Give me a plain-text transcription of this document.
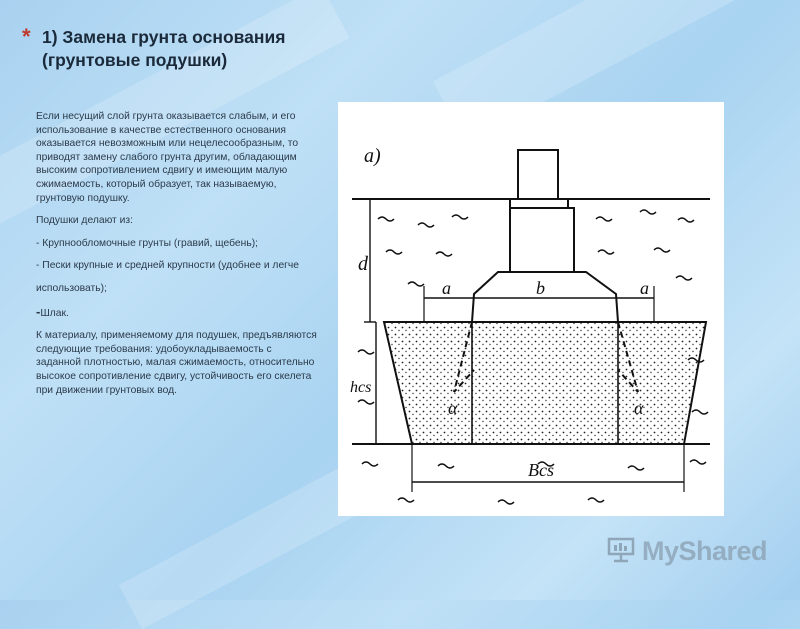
* 1) Замена грунта основания (грунтовые подушки)

Если несущий слой грунта оказывается слабым, и его использование в качестве естественного основания оказывается невозможным или нецелесообразным, то приводят замену слабого грунта другим, обладающим высоким сопротивлением сдвигу и имеющим малую сжимаемость, который образует, так называемую, грунтовую подушку.

Подушки делают из:

- Крупнообломочные грунты (гравий, щебень);

- Пески крупные и средней крупности (удобнее и легче

использовать);

-Шлак.

К материалу, применяемому для подушек, предъявляются следующие требования: удобоукладываемость с заданной плотностью, малая сжимаемость, относительно высокое сопротивление сдвигу, устойчивость его скелета при движении грунтовых вод.

а)
d
a	b	a
hcs
α	α
Bcs
MyShared
